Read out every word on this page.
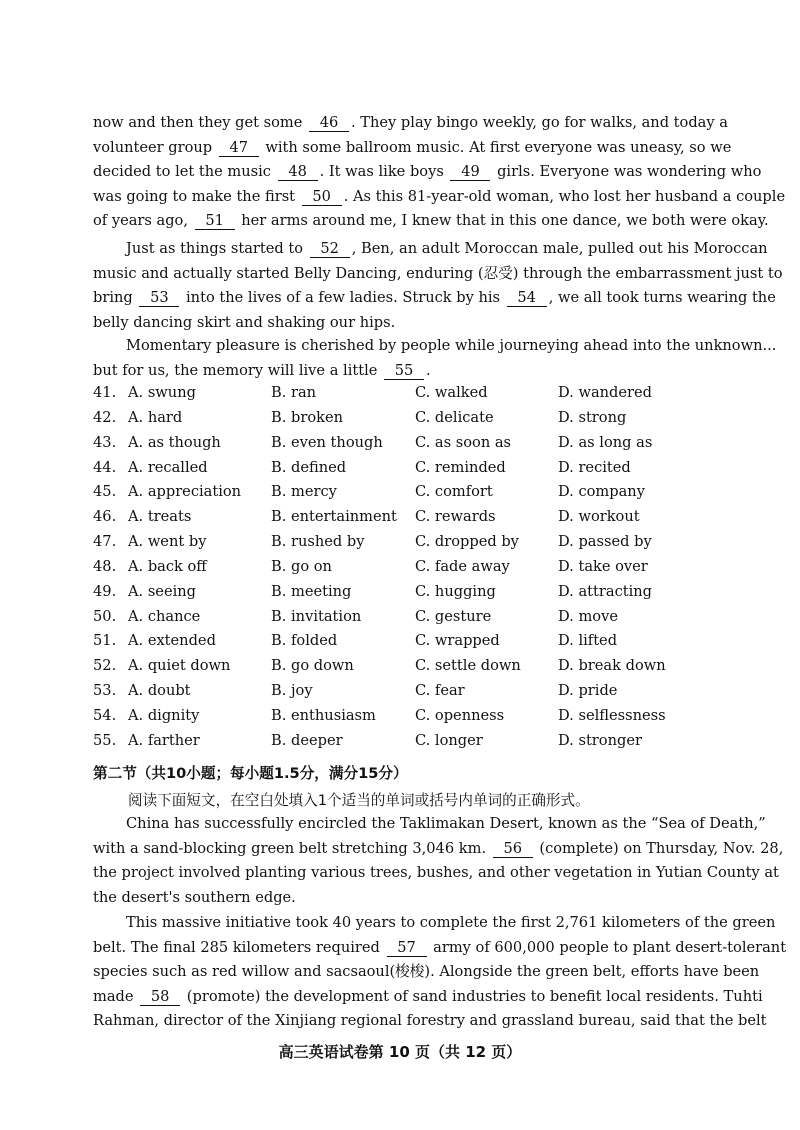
now and then they get some 46 . They play bingo weekly, go for walks, and today a
volunteer group 47 with some ballroom music. At first everyone was uneasy, so we
decided to let the music 48 . It was like boys 49 girls. Everyone was wondering who
was going to make the first 50 . As this 81-year-old woman, who lost her husband a couple
of years ago, 51 her arms around me, I knew that in this one dance, we both were okay.
Just as things started to 52 , Ben, an adult Moroccan male, pulled out his Moroccan
music and actually started Belly Dancing, enduring (忍受) through the embarrassment just to
bring 53 into the lives of a few ladies. Struck by his 54 , we all took turns wearing the
belly dancing skirt and shaking our hips.
Momentary pleasure is cherished by people while journeying ahead into the unknown...
but for us, the memory will live a little 55 .
41. A. swung	B. ran	C. walked	D. wandered
42. A. hard	B. broken	C. delicate	D. strong
43. A. as though	B. even though C. as soon as	D. as long as
44. A. recalled	B. defined	C. reminded	D. recited
45. A. appreciation B. mercy	C. comfort	D. company
46. A. treats	B. entertainment C. rewards	D. workout
47. A. went by	B. rushed by	C. dropped by	D. passed by
48. A. back off	B. go on	C. fade away	D. take over
49. A. seeing	B. meeting	C. hugging	D. attracting
50. A. chance	B. invitation	C. gesture	D. move
51. A. extended	B. folded	C. wrapped	D. lifted
52. A. quiet down	B. go down	C. settle down	D. break down
53. A. doubt	B. joy	C. fear	D. pride
54. A. dignity	B. enthusiasm	C. openness	D. selflessness
55. A. farther	B. deeper	C. longer	D. stronger
第二节（共10小题；每小题1.5分，满分15分）
阅读下面短文，在空白处填入1个适当的单词或括号内单词的正确形式。
China has successfully encircled the Taklimakan Desert, known as the “Sea of Death,”
with a sand-blocking green belt stretching 3,046 km. 56 (complete) on Thursday, Nov. 28,
the project involved planting various trees, bushes, and other vegetation in Yutian County at
the desert's southern edge.
This massive initiative took 40 years to complete the first 2,761 kilometers of the green
belt. The final 285 kilometers required 57 army of 600,000 people to plant desert-tolerant
species such as red willow and sacsaoul(梭梭). Alongside the green belt, efforts have been
made 58 (promote) the development of sand industries to benefit local residents. Tuhti
Rahman, director of the Xinjiang regional forestry and grassland bureau, said that the belt
高三英语试卷第 10 页（共 12 页）
